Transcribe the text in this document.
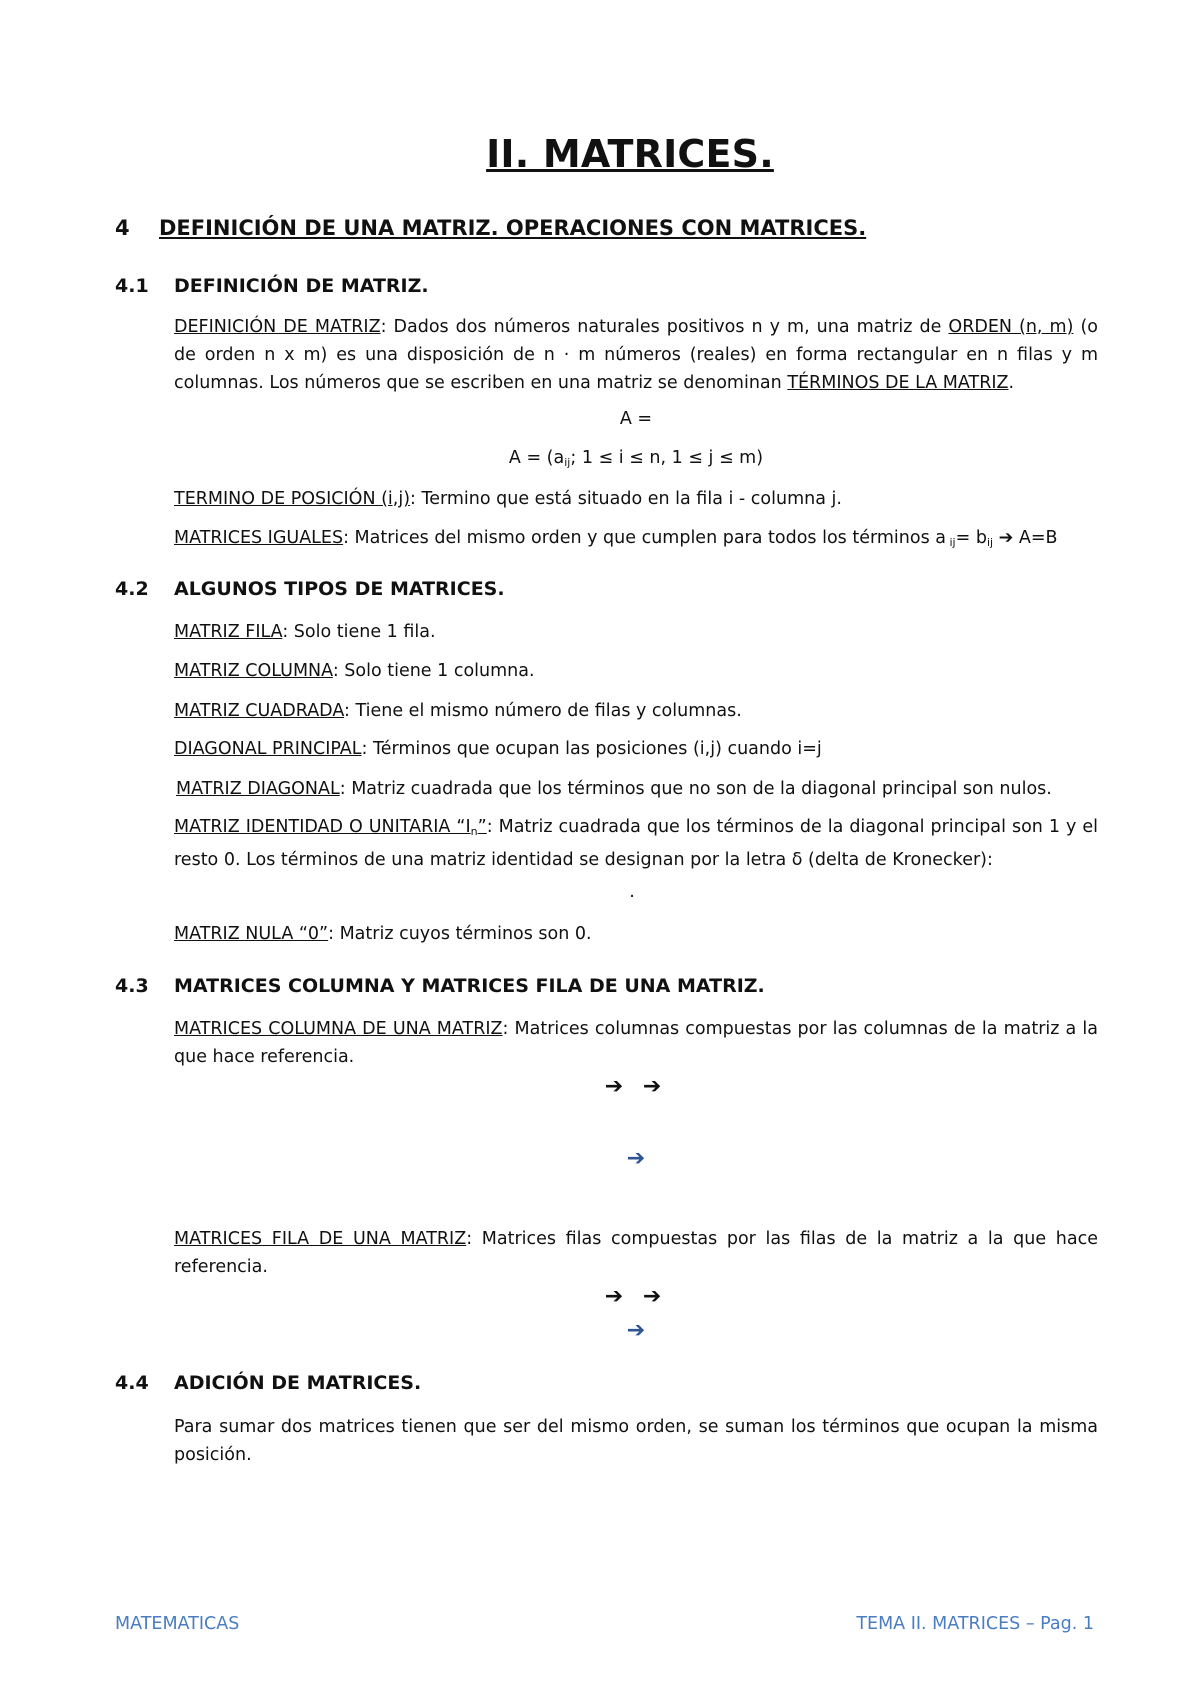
II. MATRICES.
4 DEFINICIÓN DE UNA MATRIZ. OPERACIONES CON MATRICES.
4.1 DEFINICIÓN DE MATRIZ.
DEFINICIÓN DE MATRIZ: Dados dos números naturales positivos n y m, una matriz de ORDEN (n, m) (o de orden n x m) es una disposición de n · m números (reales) en forma rectangular en n filas y m columnas. Los números que se escriben en una matriz se denominan TÉRMINOS DE LA MATRIZ.
A =
$A = (a_{ij}$; 1 ≤ i ≤ n, 1 ≤ j ≤ m)
TERMINO DE POSICIÓN (i,j): Termino que está situado en la fila i - columna j.
MATRICES IGUALES: Matrices del mismo orden y que cumplen para todos los términos a $_{ij}= b_{ij}$ ➔ A=B
4.2 ALGUNOS TIPOS DE MATRICES.
MATRIZ FILA: Solo tiene 1 fila.
MATRIZ COLUMNA: Solo tiene 1 columna.
MATRIZ CUADRADA: Tiene el mismo número de filas y columnas.
DIAGONAL PRINCIPAL: Términos que ocupan las posiciones (i,j) cuando i=j
MATRIZ DIAGONAL: Matriz cuadrada que los términos que no son de la diagonal principal son nulos.
MATRIZ IDENTIDAD O UNITARIA “$I_n$”: Matriz cuadrada que los términos de la diagonal principal son 1 y el resto 0. Los términos de una matriz identidad se designan por la letra δ (delta de Kronecker):
.
MATRIZ NULA “0”: Matriz cuyos términos son 0.
4.3 MATRICES COLUMNA Y MATRICES FILA DE UNA MATRIZ.
MATRICES COLUMNA DE UNA MATRIZ: Matrices columnas compuestas por las columnas de la matriz a la que hace referencia.
➔ ➔
➔
MATRICES FILA DE UNA MATRIZ: Matrices filas compuestas por las filas de la matriz a la que hace referencia.
➔ ➔
➔
4.4 ADICIÓN DE MATRICES.
Para sumar dos matrices tienen que ser del mismo orden, se suman los términos que ocupan la misma posición.
MATEMATICAS	TEMA II. MATRICES – Pag. 1
